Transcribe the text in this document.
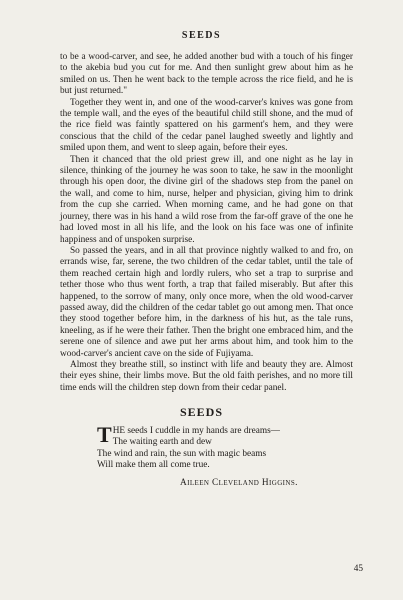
SEEDS

to be a wood-carver, and see, he added another bud with a touch of his finger to the akebia bud you cut for me. And then sunlight grew about him as he smiled on us. Then he went back to the temple across the rice field, and he is but just returned."

Together they went in, and one of the wood-carver's knives was gone from the temple wall, and the eyes of the beautiful child still shone, and the mud of the rice field was faintly spattered on his garment's hem, and they were conscious that the child of the cedar panel laughed sweetly and lightly and smiled upon them, and went to sleep again, before their eyes.

Then it chanced that the old priest grew ill, and one night as he lay in silence, thinking of the journey he was soon to take, he saw in the moonlight through his open door, the divine girl of the shadows step from the panel on the wall, and come to him, nurse, helper and physician, giving him to drink from the cup she carried. When morning came, and he had gone on that journey, there was in his hand a wild rose from the far-off grave of the one he had loved most in all his life, and the look on his face was one of infinite happiness and of unspoken surprise.

So passed the years, and in all that province nightly walked to and fro, on errands wise, far, serene, the two children of the cedar tablet, until the tale of them reached certain high and lordly rulers, who set a trap to surprise and tether those who thus went forth, a trap that failed miserably. But after this happened, to the sorrow of many, only once more, when the old wood-carver passed away, did the children of the cedar tablet go out among men. That once they stood together before him, in the darkness of his hut, as the tale runs, kneeling, as if he were their father. Then the bright one embraced him, and the serene one of silence and awe put her arms about him, and took him to the wood-carver's ancient cave on the side of Fujiyama.

Almost they breathe still, so instinct with life and beauty they are. Almost their eyes shine, their limbs move. But the old faith perishes, and no more till time ends will the children step down from their cedar panel.

SEEDS
THE seeds I cuddle in my hands are dreams—
The waiting earth and dew
The wind and rain, the sun with magic beams
Will make them all come true.
Aileen Cleveland Higgins.
45
